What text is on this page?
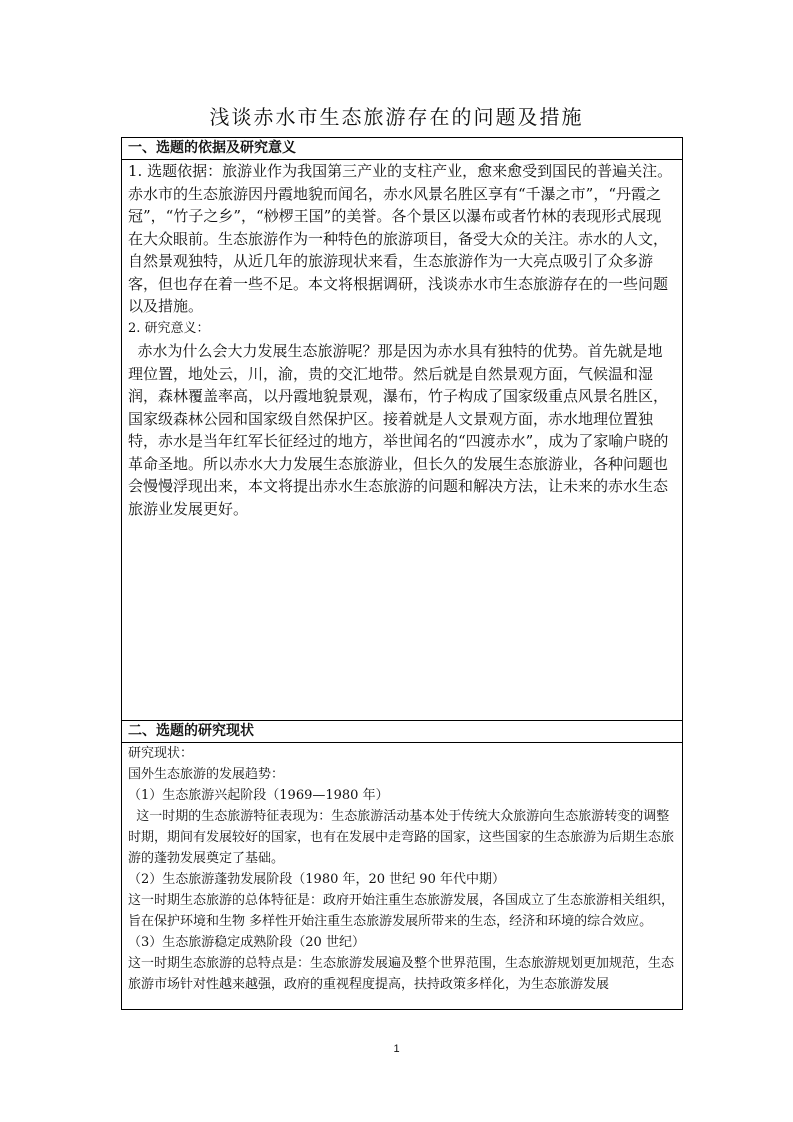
浅谈赤水市生态旅游存在的问题及措施
一、选题的依据及研究意义

1. 选题依据：旅游业作为我国第三产业的支柱产业，愈来愈受到国民的普遍关注。赤水市的生态旅游因丹霞地貌而闻名，赤水风景名胜区享有“千瀑之市”，“丹霞之冠”，“竹子之乡”，“桫椤王国”的美誉。各个景区以瀑布或者竹林的表现形式展现在大众眼前。生态旅游作为一种特色的旅游项目，备受大众的关注。赤水的人文，自然景观独特，从近几年的旅游现状来看，生态旅游作为一大亮点吸引了众多游客，但也存在着一些不足。本文将根据调研，浅谈赤水市生态旅游存在的一些问题以及措施。

2. 研究意义：

赤水为什么会大力发展生态旅游呢？那是因为赤水具有独特的优势。首先就是地理位置，地处云，川，渝，贵的交汇地带。然后就是自然景观方面，气候温和湿润，森林覆盖率高，以丹霞地貌景观，瀑布，竹子构成了国家级重点风景名胜区，国家级森林公园和国家级自然保护区。接着就是人文景观方面，赤水地理位置独特，赤水是当年红军长征经过的地方，举世闻名的“四渡赤水”，成为了家喻户晓的革命圣地。所以赤水大力发展生态旅游业，但长久的发展生态旅游业，各种问题也会慢慢浮现出来，本文将提出赤水生态旅游的问题和解决方法，让未来的赤水生态旅游业发展更好。

二、选题的研究现状

研究现状：

国外生态旅游的发展趋势：

（1）生态旅游兴起阶段（1969—1980 年）

这一时期的生态旅游特征表现为：生态旅游活动基本处于传统大众旅游向生态旅游转变的调整时期，期间有发展较好的国家，也有在发展中走弯路的国家，这些国家的生态旅游为后期生态旅游的蓬勃发展奠定了基础。

（2）生态旅游蓬勃发展阶段（1980 年，20 世纪 90 年代中期）

这一时期生态旅游的总体特征是：政府开始注重生态旅游发展，各国成立了生态旅游相关组织，旨在保护环境和生物 多样性开始注重生态旅游发展所带来的生态，经济和环境的综合效应。

（3）生态旅游稳定成熟阶段（20 世纪）

这一时期生态旅游的总特点是：生态旅游发展遍及整个世界范围，生态旅游规划更加规范，生态旅游市场针对性越来越强，政府的重视程度提高，扶持政策多样化，为生态旅游发展

1
